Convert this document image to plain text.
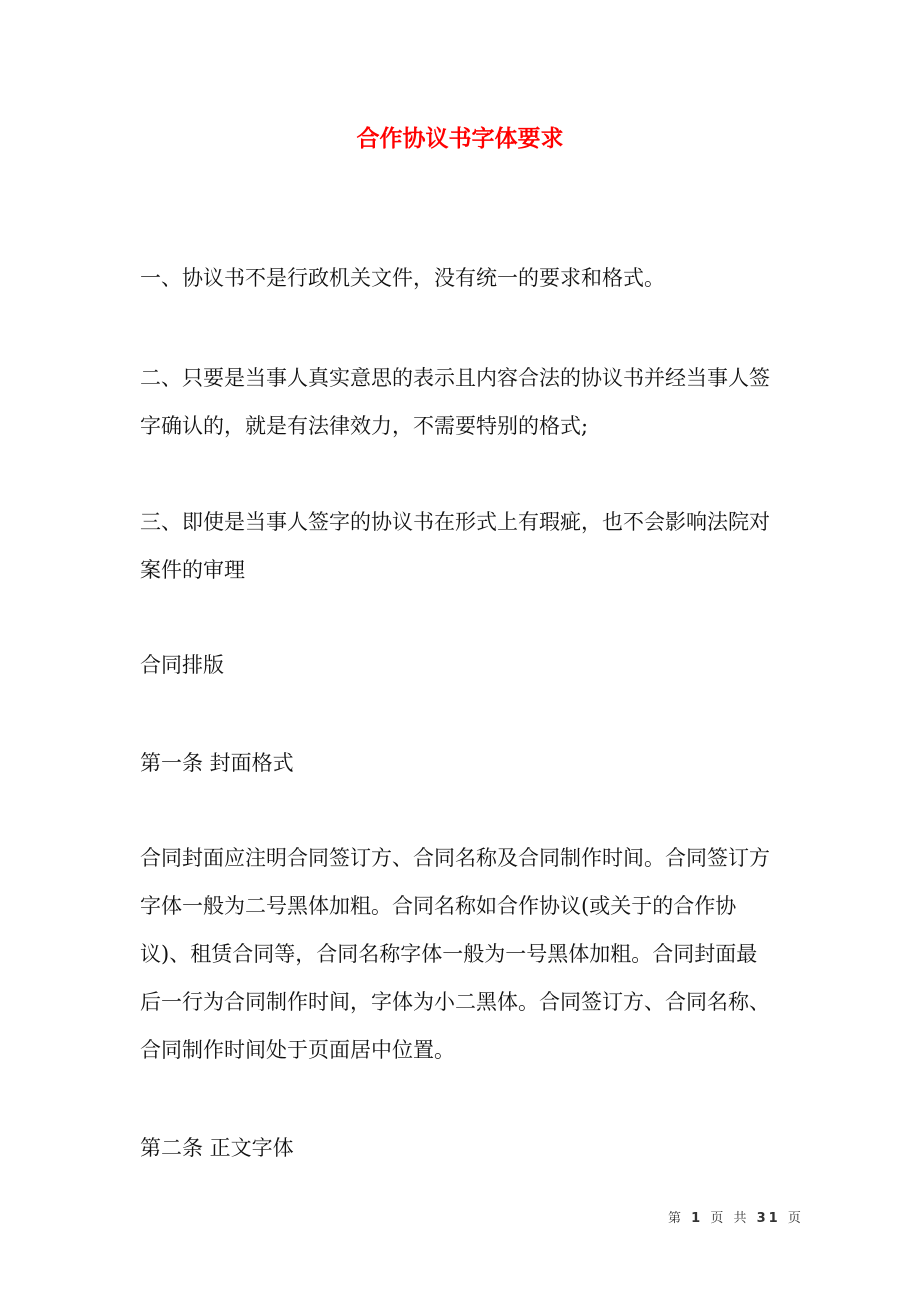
合作协议书字体要求
一、协议书不是行政机关文件，没有统一的要求和格式。
二、只要是当事人真实意思的表示且内容合法的协议书并经当事人签
字确认的，就是有法律效力，不需要特别的格式;
三、即使是当事人签字的协议书在形式上有瑕疵，也不会影响法院对
案件的审理
合同排版
第一条 封面格式
合同封面应注明合同签订方、合同名称及合同制作时间。合同签订方
字体一般为二号黑体加粗。合同名称如合作协议(或关于的合作协
议)、租赁合同等，合同名称字体一般为一号黑体加粗。合同封面最
后一行为合同制作时间，字体为小二黑体。合同签订方、合同名称、
合同制作时间处于页面居中位置。
第二条 正文字体
第 1 页 共 31 页
